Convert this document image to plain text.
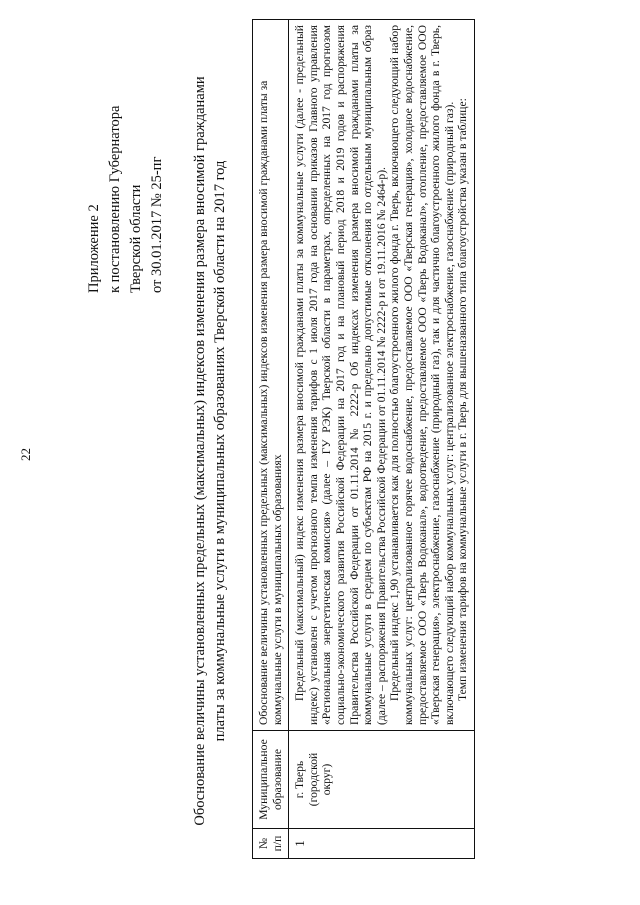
22
Приложение 2 к постановлению Губернатора Тверской области от 30.01.2017 № 25-пг Обоснование величины установленных предельных (максимальных) индексов изменения размера вносимой гражданами платы за коммунальные услуги в муниципальных образованиях Тверской области на 2017 год
№ п/п	Муниципальное образование	Обоснование величины установленных предельных (максимальных) индексов изменения размера вносимой гражданами платы за коммунальные услуги в муниципальных образованиях
1	г. Тверь (городской округ)	Предельный (максимальный) индекс изменения размера вносимой гражданами платы за коммунальные услуги (далее - предельный индекс) установлен с учетом прогнозного темпа изменения тарифов с 1 июля 2017 года на основании приказов Главного управления «Региональная энергетическая комиссия» (далее – ГУ РЭК) Тверской области в параметрах, определенных на 2017 год прогнозом социально-экономического развития Российской Федерации на 2017 год и на плановый период 2018 и 2019 годов и распоряжения Правительства Российской Федерации от 01.11.2014 № 2222-р Об индексах изменения размера вносимой гражданами платы за коммунальные услуги в среднем по субъектам РФ на 2015 г. и предельно допустимые отклонения по отдельным муниципальным образ (далее – распоряжения Правительства Российской Федерации от 01.11.2014 № 2222-р и от 19.11.2016 № 2464-р). Предельный индекс 1,90 устанавливается как для полностью благоустроенного жилого фонда г. Тверь, включающего следующий набор коммунальных услуг: централизованное горячее водоснабжение, предоставляемое ООО «Тверская генерация», холодное водоснабжение, предоставляемое ООО «Тверь Водоканал», водоотведение, предоставляемое ООО «Тверь Водоканал», отопление, предоставляемое ООО «Тверская генерация», электроснабжение, газоснабжение (природный газ), так и для частично благоустроенного жилого фонда в г. Тверь, включающего следующий набор коммунальных услуг: централизованное электроснабжение, газоснабжение (природный газ). Темп изменения тарифов на коммунальные услуги в г. Тверь для вышеназванного типа благоустройства указан в таблице:
